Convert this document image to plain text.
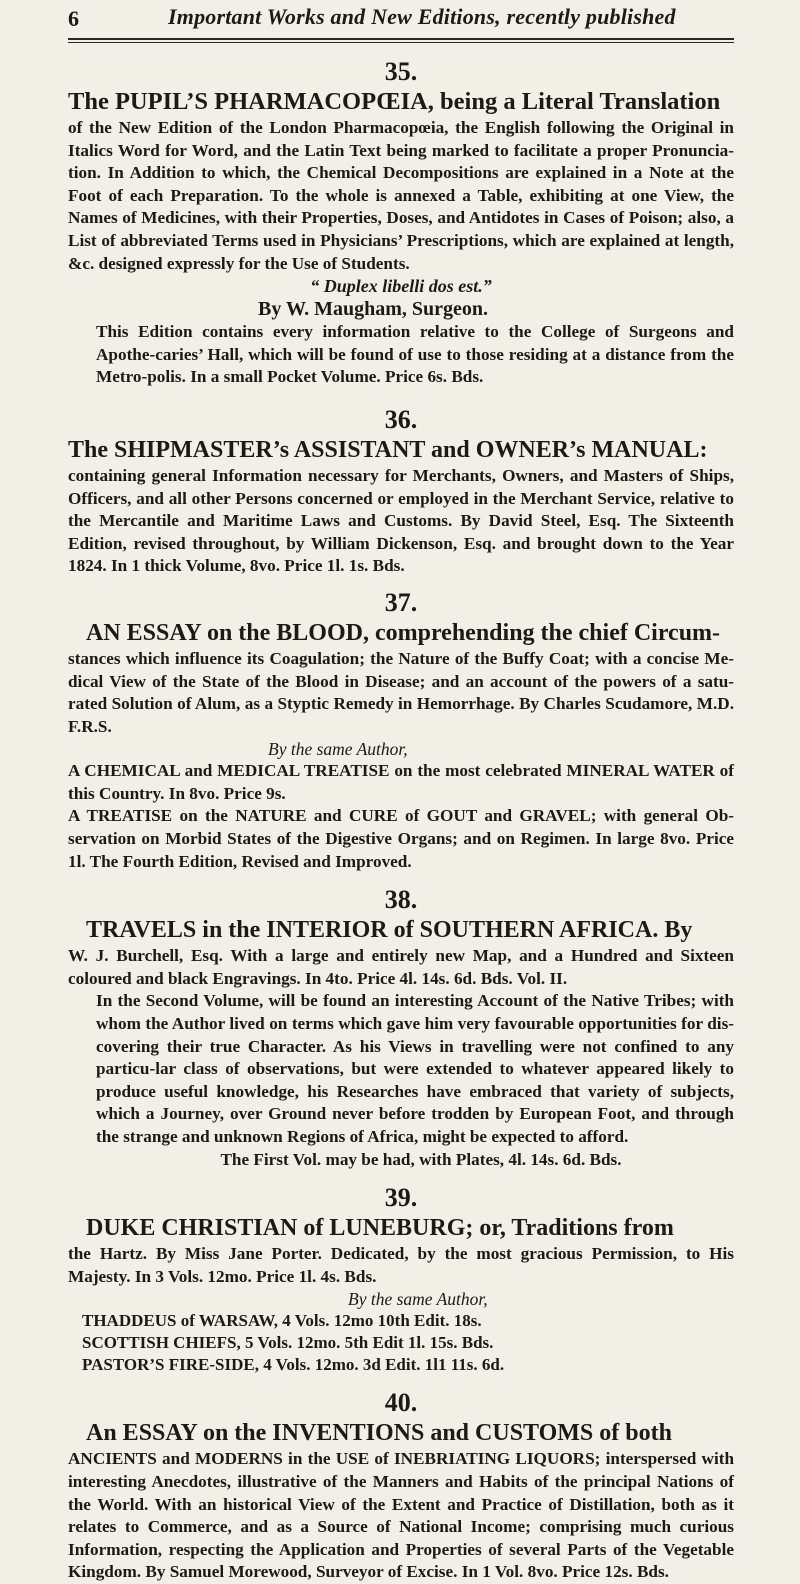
6	Important Works and New Editions, recently published
35.
The PUPIL’S PHARMACOPŒIA, being a Literal Translation
of the New Edition of the London Pharmacopœia, the English following the Original in Italics Word for Word, and the Latin Text being marked to facilitate a proper Pronuncia-tion. In Addition to which, the Chemical Decompositions are explained in a Note at the Foot of each Preparation. To the whole is annexed a Table, exhibiting at one View, the Names of Medicines, with their Properties, Doses, and Antidotes in Cases of Poison; also, a List of abbreviated Terms used in Physicians’ Prescriptions, which are explained at length, &c. designed expressly for the Use of Students.
“ Duplex libelli dos est.”
By W. Maugham, Surgeon.
This Edition contains every information relative to the College of Surgeons and Apothe-caries’ Hall, which will be found of use to those residing at a distance from the Metro-polis. In a small Pocket Volume. Price 6s. Bds.
36.
The SHIPMASTER’s ASSISTANT and OWNER’s MANUAL:
containing general Information necessary for Merchants, Owners, and Masters of Ships, Officers, and all other Persons concerned or employed in the Merchant Service, relative to the Mercantile and Maritime Laws and Customs. By David Steel, Esq. The Sixteenth Edition, revised throughout, by William Dickenson, Esq. and brought down to the Year 1824. In 1 thick Volume, 8vo. Price 1l. 1s. Bds.
37.
AN ESSAY on the BLOOD, comprehending the chief Circum-
stances which influence its Coagulation; the Nature of the Buffy Coat; with a concise Me-dical View of the State of the Blood in Disease; and an account of the powers of a satu-rated Solution of Alum, as a Styptic Remedy in Hemorrhage. By Charles Scudamore, M.D. F.R.S.
By the same Author,
A CHEMICAL and MEDICAL TREATISE on the most celebrated MINERAL WATER of this Country. In 8vo. Price 9s.
A TREATISE on the NATURE and CURE of GOUT and GRAVEL; with general Ob-servation on Morbid States of the Digestive Organs; and on Regimen. In large 8vo. Price 1l. The Fourth Edition, Revised and Improved.
38.
TRAVELS in the INTERIOR of SOUTHERN AFRICA. By
W. J. Burchell, Esq. With a large and entirely new Map, and a Hundred and Sixteen coloured and black Engravings. In 4to. Price 4l. 14s. 6d. Bds. Vol. II.
In the Second Volume, will be found an interesting Account of the Native Tribes; with whom the Author lived on terms which gave him very favourable opportunities for dis-covering their true Character. As his Views in travelling were not confined to any particu-lar class of observations, but were extended to whatever appeared likely to produce useful knowledge, his Researches have embraced that variety of subjects, which a Journey, over Ground never before trodden by European Foot, and through the strange and unknown Regions of Africa, might be expected to afford.
The First Vol. may be had, with Plates, 4l. 14s. 6d. Bds.
39.
DUKE CHRISTIAN of LUNEBURG; or, Traditions from
the Hartz. By Miss Jane Porter. Dedicated, by the most gracious Permission, to His Majesty. In 3 Vols. 12mo. Price 1l. 4s. Bds.
By the same Author,
THADDEUS of WARSAW, 4 Vols. 12mo 10th Edit. 18s.
SCOTTISH CHIEFS, 5 Vols. 12mo. 5th Edit 1l. 15s. Bds.
PASTOR’S FIRE-SIDE, 4 Vols. 12mo. 3d Edit. 1l1 11s. 6d.
40.
An ESSAY on the INVENTIONS and CUSTOMS of both
ANCIENTS and MODERNS in the USE of INEBRIATING LIQUORS; interspersed with interesting Anecdotes, illustrative of the Manners and Habits of the principal Nations of the World. With an historical View of the Extent and Practice of Distillation, both as it relates to Commerce, and as a Source of National Income; comprising much curious Information, respecting the Application and Properties of several Parts of the Vegetable Kingdom. By Samuel Morewood, Surveyor of Excise. In 1 Vol. 8vo. Price 12s. Bds.
